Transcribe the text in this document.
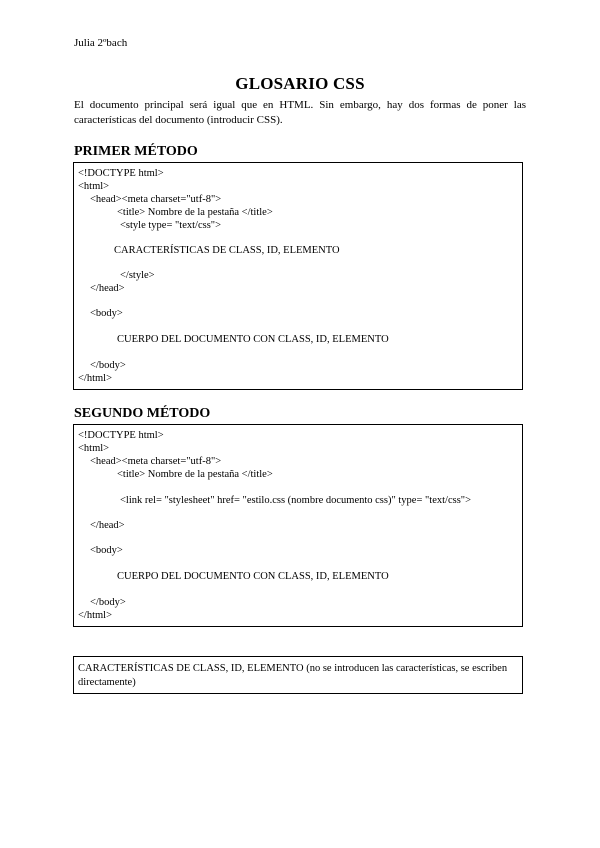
Julia 2ºbach
GLOSARIO CSS
El documento principal será igual que en HTML. Sin embargo, hay dos formas de poner las características del documento (introducir CSS).
PRIMER MÉTODO
<!DOCTYPE html>
<html>
<head><meta charset="utf-8">
<title> Nombre de la pestaña </title>
<style type= "text/css">
CARACTERÍSTICAS DE CLASS, ID, ELEMENTO
</style>
</head>
<body>
CUERPO DEL DOCUMENTO CON CLASS, ID, ELEMENTO
</body>
</html>
SEGUNDO MÉTODO
<!DOCTYPE html>
<html>
<head><meta charset="utf-8">
<title> Nombre de la pestaña </title>
<link rel= "stylesheet" href= "estilo.css (nombre documento css)" type= "text/css">
</head>
<body>
CUERPO DEL DOCUMENTO CON CLASS, ID, ELEMENTO
</body>
</html>
CARACTERÍSTICAS DE CLASS, ID, ELEMENTO (no se introducen las características, se escriben directamente)
